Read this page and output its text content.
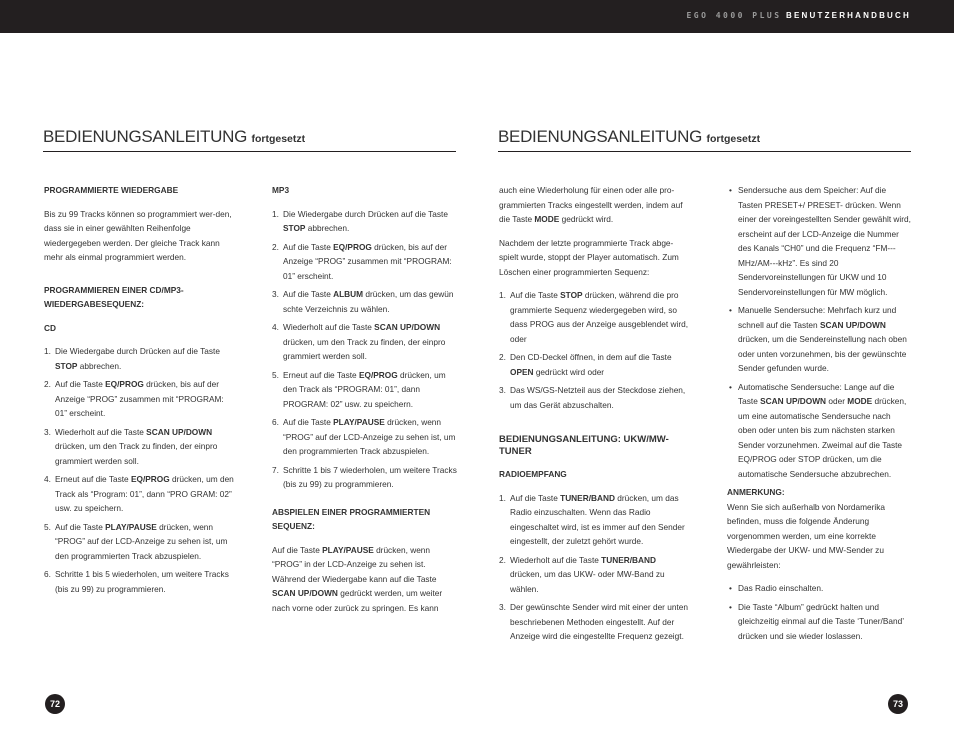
EGO 4000 PLUS BENUTZERHANDBUCH
BEDIENUNGSANLEITUNG fortgesetzt	BEDIENUNGSANLEITUNG fortgesetzt

PROGRAMMIERTE WIEDERGABE

Bis zu 99 Tracks können so programmiert wer-den, dass sie in einer gewählten Reihenfolge wiedergegeben werden. Der gleiche Track kann mehr als einmal programmiert werden.

PROGRAMMIEREN EINER CD/MP3-WIEDERGABESEQUENZ:

CD

1. Die Wiedergabe durch Drücken auf die Taste STOP abbrechen.
2. Auf die Taste EQ/PROG drücken, bis auf der Anzeige “PROG” zusammen mit “PROGRAM: 01” erscheint.
3. Wiederholt auf die Taste SCAN UP/DOWN drücken, um den Track zu finden, der einpro grammiert werden soll.
4. Erneut auf die Taste EQ/PROG drücken, um den Track als “Program: 01”, dann “PRO GRAM: 02” usw. zu speichern.
5. Auf die Taste PLAY/PAUSE drücken, wenn “PROG” auf der LCD-Anzeige zu sehen ist, um den programmierten Track abzuspielen.
6. Schritte 1 bis 5 wiederholen, um weitere Tracks (bis zu 99) zu programmieren.

MP3

1. Die Wiedergabe durch Drücken auf die Taste STOP abbrechen.
2. Auf die Taste EQ/PROG drücken, bis auf der Anzeige “PROG” zusammen mit “PROGRAM: 01” erscheint.
3. Auf die Taste ALBUM drücken, um das gewün schte Verzeichnis zu wählen.
4. Wiederholt auf die Taste SCAN UP/DOWN drücken, um den Track zu finden, der einpro grammiert werden soll.
5. Erneut auf die Taste EQ/PROG drücken, um den Track als “PROGRAM: 01”, dann PROGRAM: 02” usw. zu speichern.
6. Auf die Taste PLAY/PAUSE drücken, wenn “PROG” auf der LCD-Anzeige zu sehen ist, um den programmierten Track abzuspielen.
7. Schritte 1 bis 7 wiederholen, um weitere Tracks (bis zu 99) zu programmieren.

ABSPIELEN EINER PROGRAMMIERTEN SEQUENZ:

Auf die Taste PLAY/PAUSE drücken, wenn “PROG” in der LCD-Anzeige zu sehen ist. Während der Wiedergabe kann auf die Taste SCAN UP/DOWN gedrückt werden, um weiter nach vorne oder zurück zu springen. Es kann

auch eine Wiederholung für einen oder alle pro-grammierten Tracks eingestellt werden, indem auf die Taste MODE gedrückt wird.

Nachdem der letzte programmierte Track abge-spielt wurde, stoppt der Player automatisch. Zum Löschen einer programmierten Sequenz:

1. Auf die Taste STOP drücken, während die pro grammierte Sequenz wiedergegeben wird, so dass PROG aus der Anzeige ausgeblendet wird, oder
2. Den CD-Deckel öffnen, in dem auf die Taste OPEN gedrückt wird oder
3. Das WS/GS-Netzteil aus der Steckdose ziehen, um das Gerät abzuschalten.

BEDIENUNGSANLEITUNG: UKW/MW-TUNER

RADIOEMPFANG

1. Auf die Taste TUNER/BAND drücken, um das Radio einzuschalten. Wenn das Radio eingeschaltet wird, ist es immer auf den Sender eingestellt, der zuletzt gehört wurde.
2. Wiederholt auf die Taste TUNER/BAND drücken, um das UKW- oder MW-Band zu wählen.
3. Der gewünschte Sender wird mit einer der unten beschriebenen Methoden eingestellt. Auf der Anzeige wird die eingestellte Frequenz gezeigt.
• Sendersuche aus dem Speicher: Auf die Tasten PRESET+/ PRESET- drücken. Wenn einer der voreingestellten Sender gewählt wird, erscheint auf der LCD-Anzeige die Nummer des Kanals “CH0” und die Frequenz “FM---MHz/AM---kHz”. Es sind 20 Sendervoreinstellungen für UKW und 10 Sendervoreinstellungen für MW möglich.
• Manuelle Sendersuche: Mehrfach kurz und schnell auf die Tasten SCAN UP/DOWN drücken, um die Sendereinstellung nach oben oder unten vorzunehmen, bis der gewünschte Sender gefunden wurde.
• Automatische Sendersuche: Lange auf die Taste SCAN UP/DOWN oder MODE drücken, um eine automatische Sendersuche nach oben oder unten bis zum nächsten starken Sender vorzunehmen. Zweimal auf die Taste EQ/PROG oder STOP drücken, um die automatische Sendersuche abzubrechen.

ANMERKUNG:

Wenn Sie sich außerhalb von Nordamerika befinden, muss die folgende Änderung vorgenommen werden, um eine korrekte Wiedergabe der UKW- und MW-Sender zu gewährleisten:

• Das Radio einschalten.
• Die Taste “Album” gedrückt halten und gleichzeitig einmal auf die Taste ‘Tuner/Band’ drücken und sie wieder loslassen.
72	73
